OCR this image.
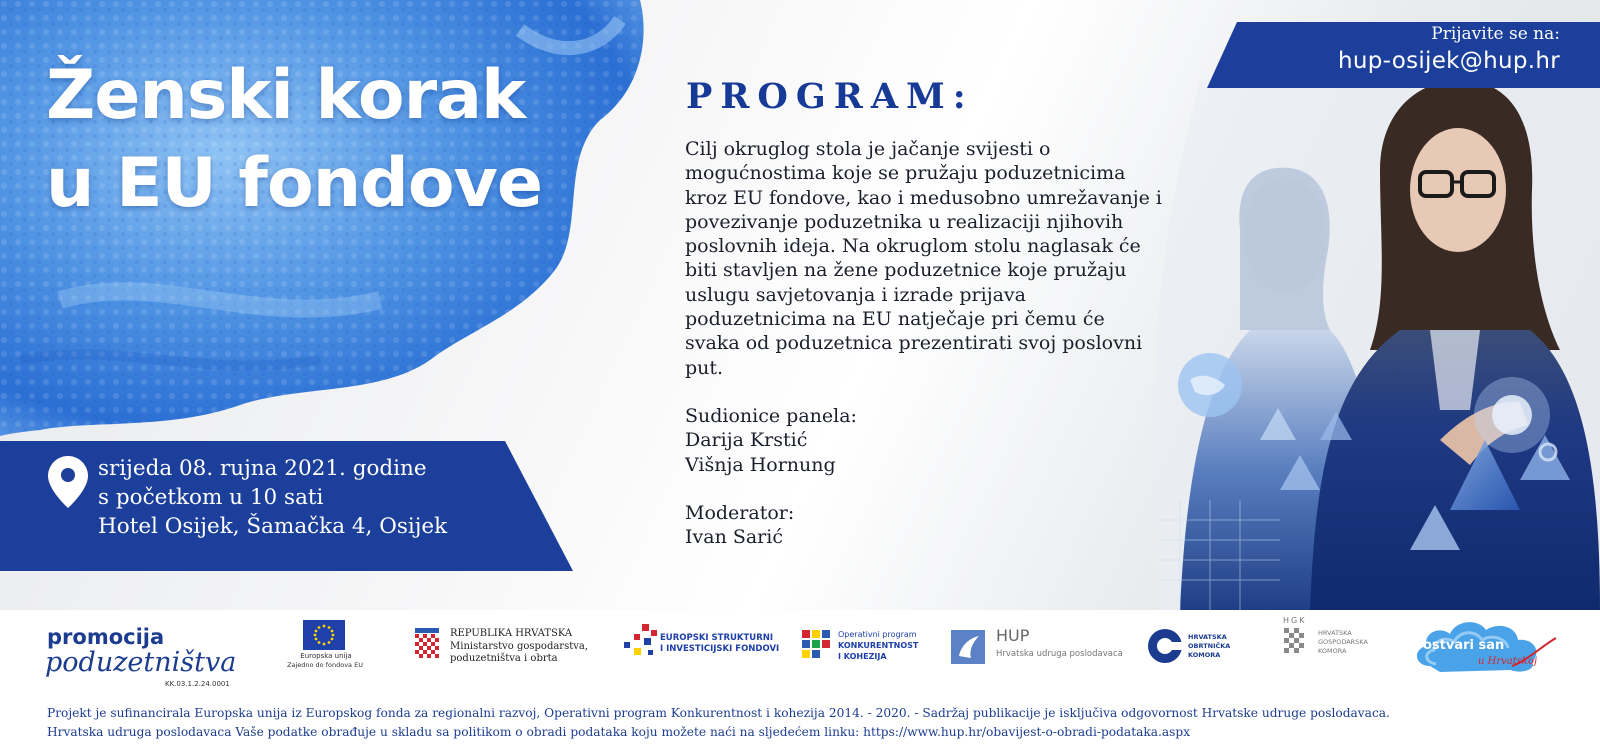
Ženski korak
u EU fondove
srijeda 08. rujna 2021. godine
s početkom u 10 sati
Hotel Osijek, Šamačka 4, Osijek
PROGRAM:

Cilj okruglog stola je jačanje svijesti o mogućnostima koje se pružaju poduzetnicima kroz EU fondove, kao i medusobno umrežavanje i povezivanje poduzetnika u realizaciji njihovih poslovnih ideja. Na okruglom stolu naglasak će biti stavljen na žene poduzetnice koje pružaju uslugu savjetovanja i izrade prijava poduzetnicima na EU natječaje pri čemu će svaka od poduzetnica prezentirati svoj poslovni put.

Sudionice panela:

Darija Krstić

Višnja Hornung

Moderator:

Ivan Sarić

Prijavite se na:
hup-osijek@hup.hr
Europska unija
Zajedno do fondova EU
REPUBLIKA HRVATSKA
Ministarstvo gospodarstva,
poduzetništva i obrta
EUROPSKI STRUKTURNI
I INVESTICIJSKI FONDOVI
Operativni program
KONKURENTNOST
I KOHEZIJA
HUP
Hrvatska udruga poslodavaca
HRVATSKA
OBRTNIČKA
KOMORA
HGK
HRVATSKA
GOSPODARSKA
KOMORA	ostvari san
u Hrvatskoj
promocija
poduzetništva
KK.03.1.2.24.0001
Projekt je sufinancirala Europska unija iz Europskog fonda za regionalni razvoj, Operativni program Konkurentnost i kohezija 2014. - 2020. - Sadržaj publikacije je isključiva odgovornost Hrvatske udruge poslodavaca.
Hrvatska udruga poslodavaca Vaše podatke obrađuje u skladu sa politikom o obradi podataka koju možete naći na sljedećem linku: https://www.hup.hr/obavijest-o-obradi-podataka.aspx
